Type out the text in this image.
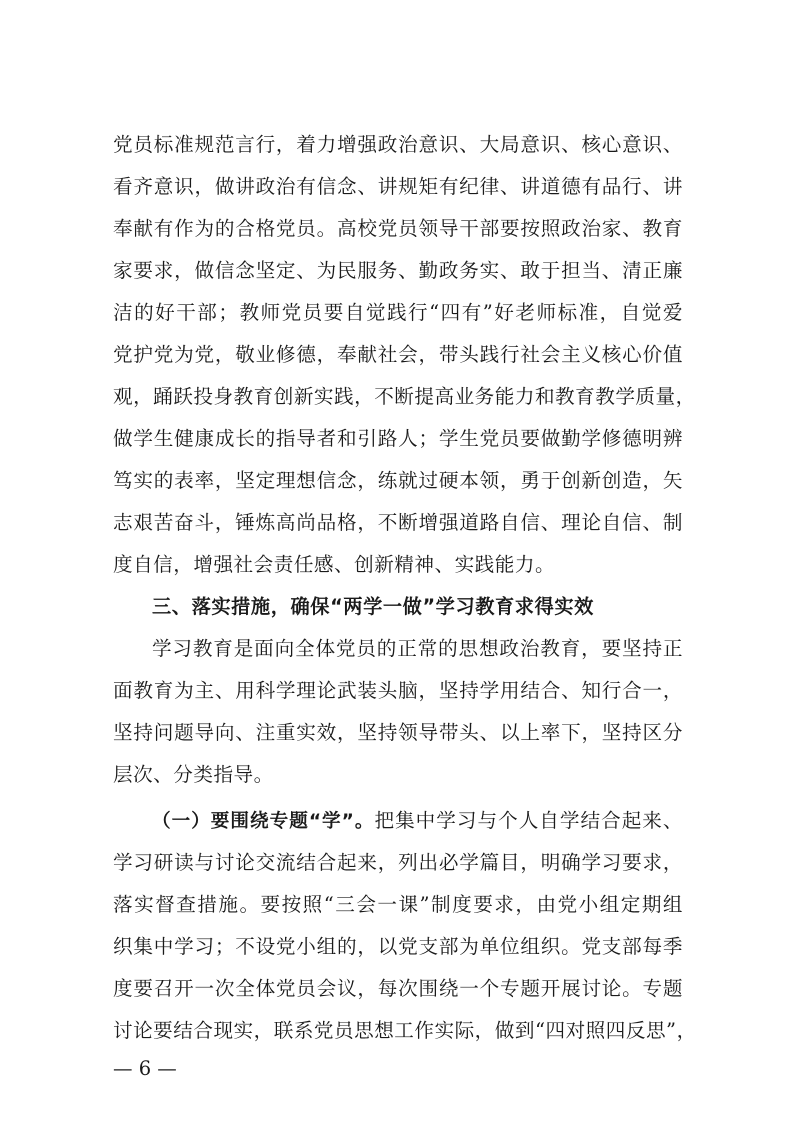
党员标准规范言行，着力增强政治意识、大局意识、核心意识、
看齐意识，做讲政治有信念、讲规矩有纪律、讲道德有品行、讲
奉献有作为的合格党员。高校党员领导干部要按照政治家、教育
家要求，做信念坚定、为民服务、勤政务实、敢于担当、清正廉
洁的好干部；教师党员要自觉践行“四有”好老师标准，自觉爱
党护党为党，敬业修德，奉献社会，带头践行社会主义核心价值
观，踊跃投身教育创新实践，不断提高业务能力和教育教学质量，
做学生健康成长的指导者和引路人；学生党员要做勤学修德明辨
笃实的表率，坚定理想信念，练就过硬本领，勇于创新创造，矢
志艰苦奋斗，锤炼高尚品格，不断增强道路自信、理论自信、制
度自信，增强社会责任感、创新精神、实践能力。
三、落实措施，确保“两学一做”学习教育求得实效
学习教育是面向全体党员的正常的思想政治教育，要坚持正
面教育为主、用科学理论武装头脑，坚持学用结合、知行合一，
坚持问题导向、注重实效，坚持领导带头、以上率下，坚持区分
层次、分类指导。
（一）要围绕专题“学”。把集中学习与个人自学结合起来、
学习研读与讨论交流结合起来，列出必学篇目，明确学习要求，
落实督查措施。要按照“三会一课”制度要求，由党小组定期组
织集中学习；不设党小组的，以党支部为单位组织。党支部每季
度要召开一次全体党员会议，每次围绕一个专题开展讨论。专题
讨论要结合现实，联系党员思想工作实际，做到“四对照四反思”，
— 6 —
